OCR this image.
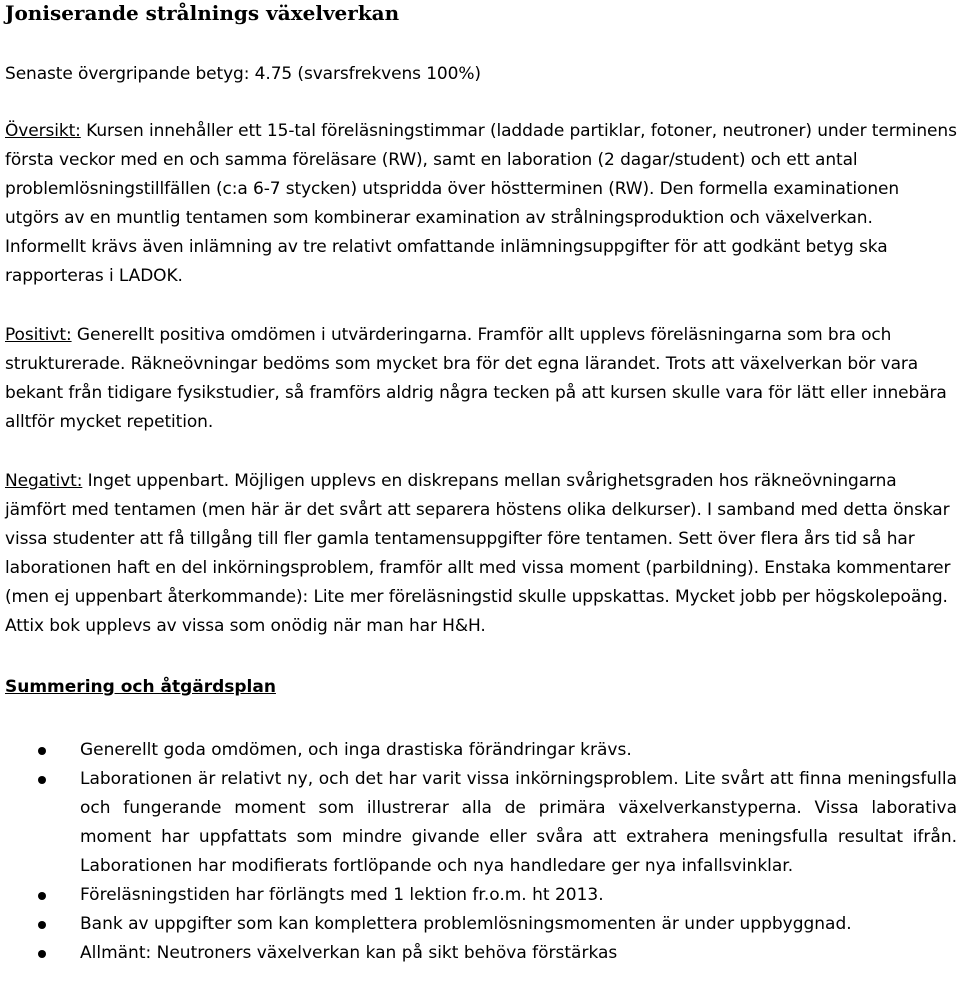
Joniserande strålnings växelverkan

Senaste övergripande betyg: 4.75 (svarsfrekvens 100%)

Översikt: Kursen innehåller ett 15-tal föreläsningstimmar (laddade partiklar, fotoner, neutroner) under terminens första veckor med en och samma föreläsare (RW), samt en laboration (2 dagar/student) och ett antal problemlösningstillfällen (c:a 6-7 stycken) utspridda över höstterminen (RW). Den formella examinationen utgörs av en muntlig tentamen som kombinerar examination av strålningsproduktion och växelverkan. Informellt krävs även inlämning av tre relativt omfattande inlämningsuppgifter för att godkänt betyg ska rapporteras i LADOK.

Positivt: Generellt positiva omdömen i utvärderingarna. Framför allt upplevs föreläsningarna som bra och strukturerade. Räkneövningar bedöms som mycket bra för det egna lärandet. Trots att växelverkan bör vara bekant från tidigare fysikstudier, så framförs aldrig några tecken på att kursen skulle vara för lätt eller innebära alltför mycket repetition.

Negativt: Inget uppenbart. Möjligen upplevs en diskrepans mellan svårighetsgraden hos räkneövningarna jämfört med tentamen (men här är det svårt att separera höstens olika delkurser). I samband med detta önskar vissa studenter att få tillgång till fler gamla tentamensuppgifter före tentamen. Sett över flera års tid så har laborationen haft en del inkörningsproblem, framför allt med vissa moment (parbildning). Enstaka kommentarer (men ej uppenbart återkommande): Lite mer föreläsningstid skulle uppskattas. Mycket jobb per högskolepoäng. Attix bok upplevs av vissa som onödig när man har H&H.

Summering och åtgärdsplan
Generellt goda omdömen, och inga drastiska förändringar krävs.
Laborationen är relativt ny, och det har varit vissa inkörningsproblem. Lite svårt att finna meningsfulla och fungerande moment som illustrerar alla de primära växelverkanstyperna. Vissa laborativa moment har uppfattats som mindre givande eller svåra att extrahera meningsfulla resultat ifrån. Laborationen har modifierats fortlöpande och nya handledare ger nya infallsvinklar.
Föreläsningstiden har förlängts med 1 lektion fr.o.m. ht 2013.
Bank av uppgifter som kan komplettera problemlösningsmomenten är under uppbyggnad.
Allmänt: Neutroners växelverkan kan på sikt behöva förstärkas
